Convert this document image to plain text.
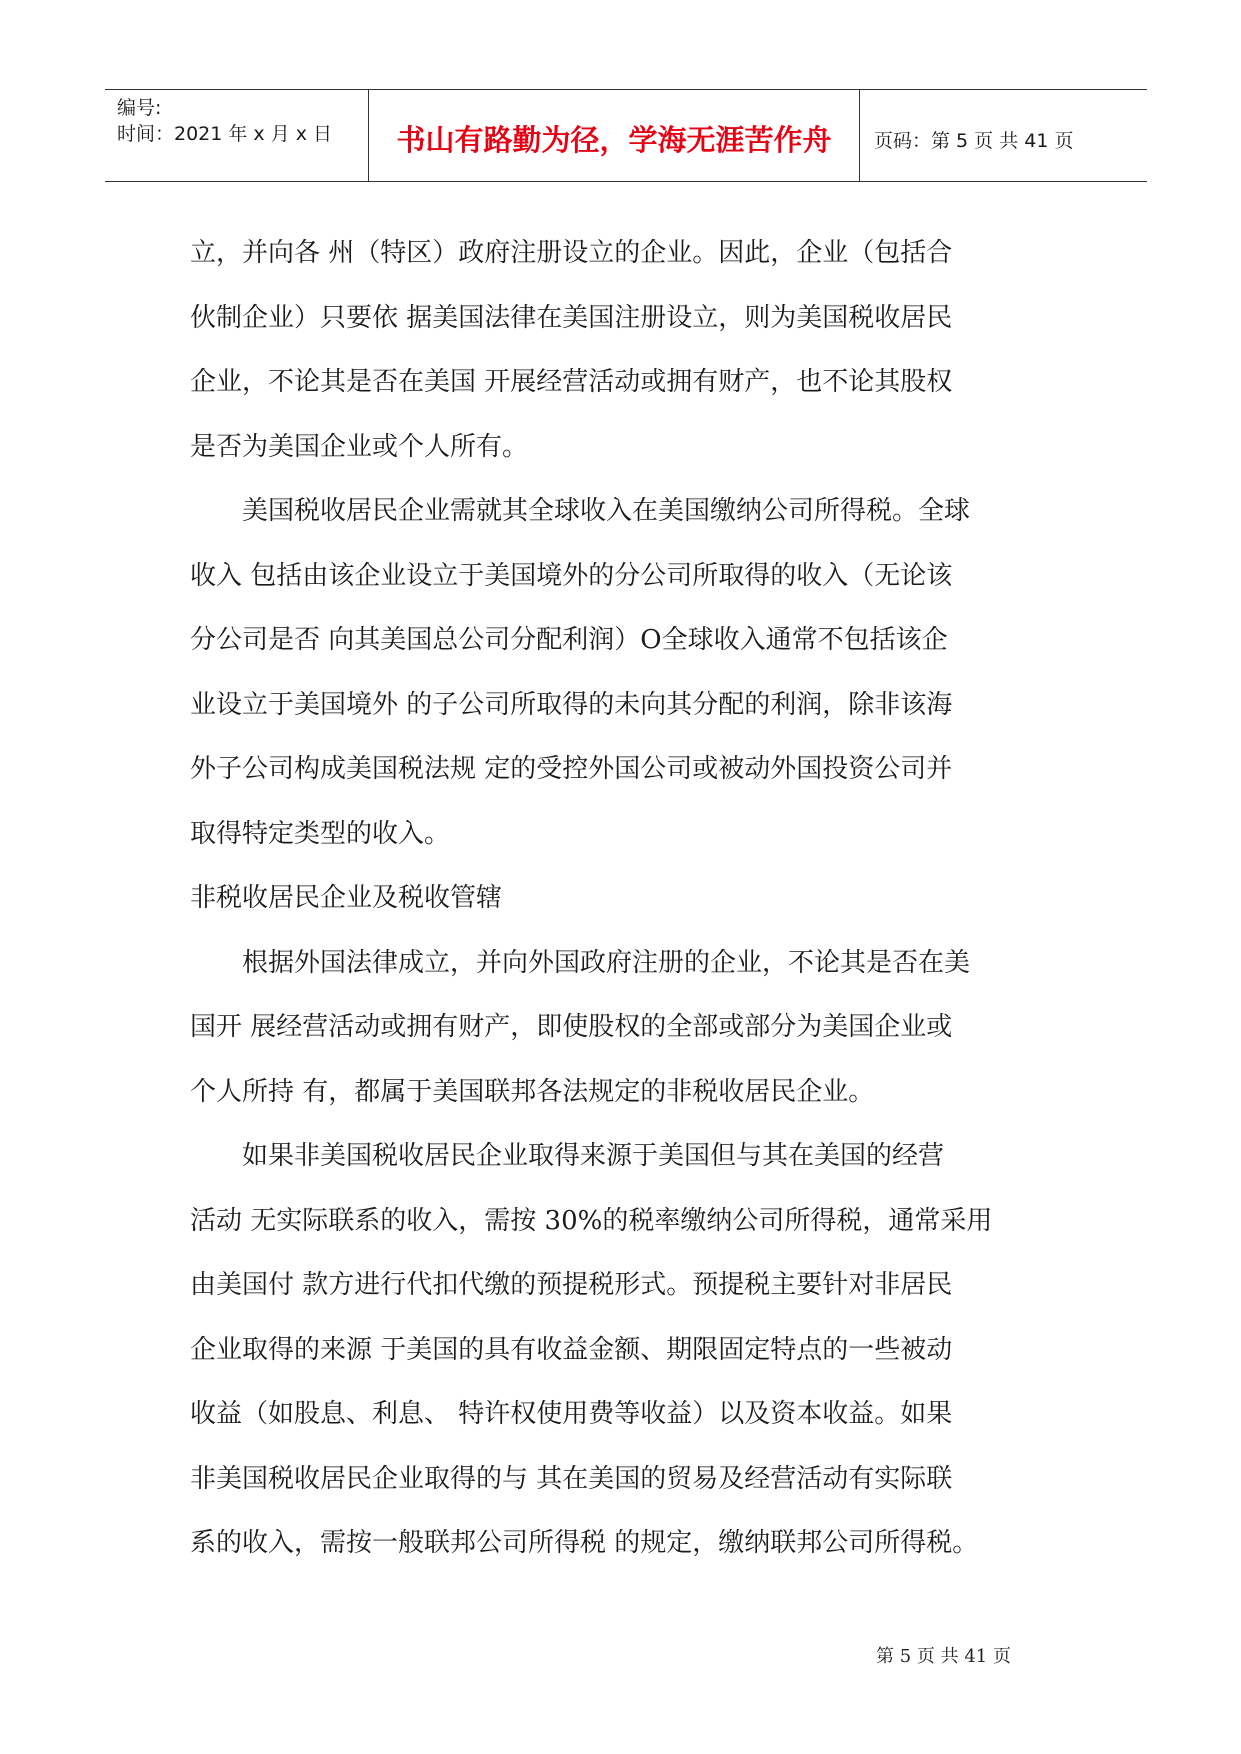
编号:
时间：2021 年 x 月 x 日	书山有路勤为径，学海无涯苦作舟	页码：第 5 页 共 41 页

立，并向各 州（特区）政府注册设立的企业。因此，企业（包括合

伙制企业）只要依 据美国法律在美国注册设立，则为美国税收居民

企业，不论其是否在美国 开展经营活动或拥有财产，也不论其股权

是否为美国企业或个人所有。

　　美国税收居民企业需就其全球收入在美国缴纳公司所得税。全球

收入 包括由该企业设立于美国境外的分公司所取得的收入（无论该

分公司是否 向其美国总公司分配利润）O全球收入通常不包括该企

业设立于美国境外 的子公司所取得的未向其分配的利润，除非该海

外子公司构成美国税法规 定的受控外国公司或被动外国投资公司并

取得特定类型的收入。

非税收居民企业及税收管辖

　　根据外国法律成立，并向外国政府注册的企业，不论其是否在美

国开 展经营活动或拥有财产，即使股权的全部或部分为美国企业或

个人所持 有，都属于美国联邦各法规定的非税收居民企业。

　　如果非美国税收居民企业取得来源于美国但与其在美国的经营

活动 无实际联系的收入，需按 30%的税率缴纳公司所得税，通常采用

由美国付 款方进行代扣代缴的预提税形式。预提税主要针对非居民

企业取得的来源 于美国的具有收益金额、期限固定特点的一些被动

收益（如股息、利息、 特许权使用费等收益）以及资本收益。如果

非美国税收居民企业取得的与 其在美国的贸易及经营活动有实际联

系的收入，需按一般联邦公司所得税 的规定，缴纳联邦公司所得税。

第 5 页 共 41 页
